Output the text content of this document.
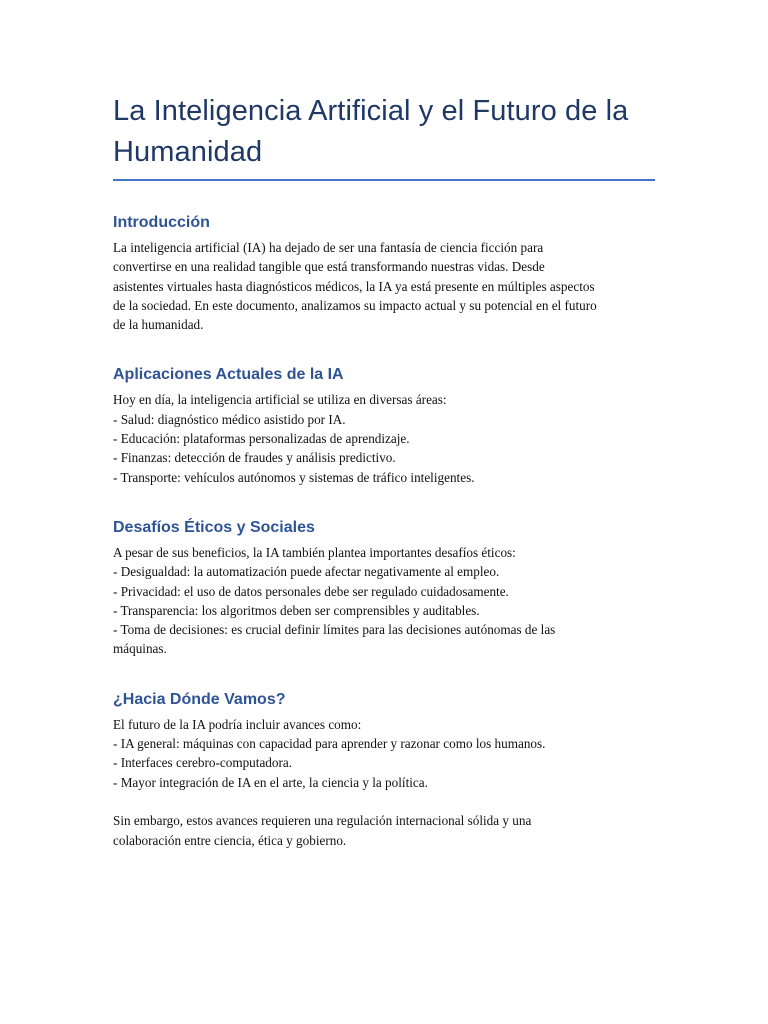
La Inteligencia Artificial y el Futuro de la
Humanidad
Introducción
La inteligencia artificial (IA) ha dejado de ser una fantasía de ciencia ficción para
convertirse en una realidad tangible que está transformando nuestras vidas. Desde
asistentes virtuales hasta diagnósticos médicos, la IA ya está presente en múltiples aspectos
de la sociedad. En este documento, analizamos su impacto actual y su potencial en el futuro
de la humanidad.
Aplicaciones Actuales de la IA
Hoy en día, la inteligencia artificial se utiliza en diversas áreas:
- Salud: diagnóstico médico asistido por IA.
- Educación: plataformas personalizadas de aprendizaje.
- Finanzas: detección de fraudes y análisis predictivo.
- Transporte: vehículos autónomos y sistemas de tráfico inteligentes.
Desafíos Éticos y Sociales
A pesar de sus beneficios, la IA también plantea importantes desafíos éticos:
- Desigualdad: la automatización puede afectar negativamente al empleo.
- Privacidad: el uso de datos personales debe ser regulado cuidadosamente.
- Transparencia: los algoritmos deben ser comprensibles y auditables.
- Toma de decisiones: es crucial definir límites para las decisiones autónomas de las
máquinas.
¿Hacia Dónde Vamos?
El futuro de la IA podría incluir avances como:
- IA general: máquinas con capacidad para aprender y razonar como los humanos.
- Interfaces cerebro-computadora.
- Mayor integración de IA en el arte, la ciencia y la política.
Sin embargo, estos avances requieren una regulación internacional sólida y una
colaboración entre ciencia, ética y gobierno.
